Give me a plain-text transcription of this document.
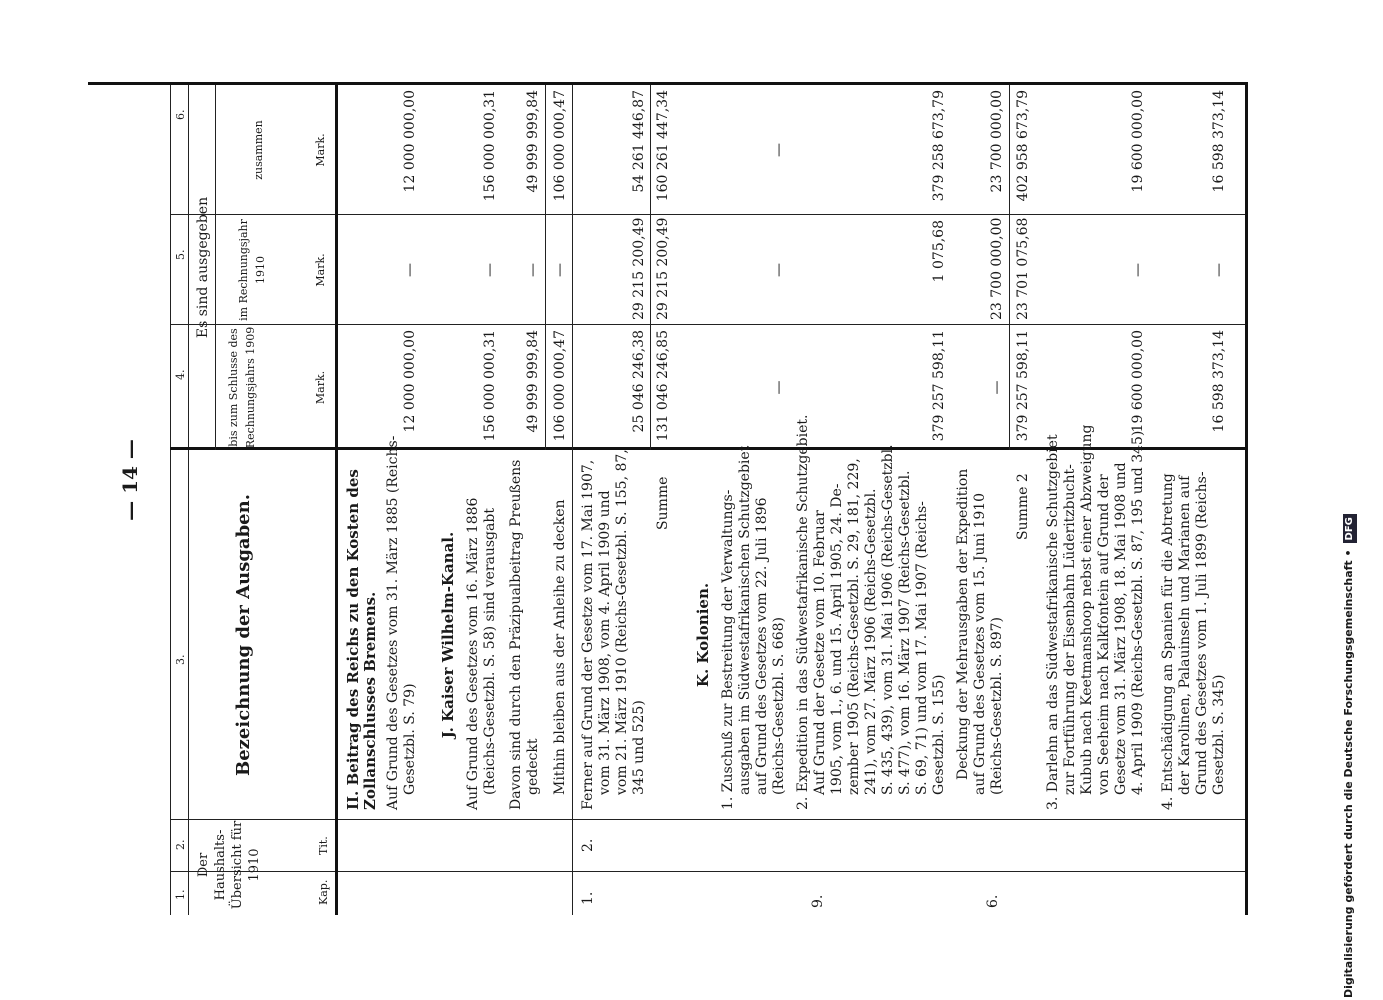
— 14 —
1.
2.
3.
4.
5.
6.
Der Haushalts-Übersicht für 1910
Kap.
Tit.
Bezeichnung der Ausgaben.
Es sind ausgegeben
bis zum Schlusse des Rechnungsjahrs 1909
im Rechnungsjahr 1910
zusammen
Mark.
Mark.
Mark.
II. Beitrag des Reichs zu den Kosten des Zollanschlusses Bremens. Auf Grund des Gesetzes vom 31. März 1885 (Reichs- Gesetzbl. S. 79)
12 000 000,00
—
12 000 000,00
J. Kaiser Wilhelm-Kanal. Auf Grund des Gesetzes vom 16. März 1886 (Reichs-Gesetzbl. S. 58) sind verausgabt
156 000 000,31
—
156 000 000,31
Davon sind durch den Präzipualbeitrag Preußens gedeckt
49 999 999,84
—
49 999 999,84
Mithin bleiben aus der Anleihe zu decken
106 000 000,47
—
106 000 000,47
1.
2.
Ferner auf Grund der Gesetze vom 17. Mai 1907, vom 31. März 1908, vom 4. April 1909 und vom 21. März 1910 (Reichs-Gesetzbl. S. 155, 87, 345 und 525)
25 046 246,38
29 215 200,49
54 261 446,87
Summe
131 046 246,85
29 215 200,49
160 261 447,34
K. Kolonien. 1. Zuschuß zur Bestreitung der Verwaltungs- ausgaben im Südwestafrikanischen Schutzgebiet auf Grund des Gesetzes vom 22. Juli 1896 (Reichs-Gesetzbl. S. 668)
—
—
—
9.
2. Expedition in das Südwestafrikanische Schutzgebiet. Auf Grund der Gesetze vom 10. Februar 1905, vom 1., 6. und 15. April 1905, 24. De- zember 1905 (Reichs-Gesetzbl. S. 29, 181, 229, 241), vom 27. März 1906 (Reichs-Gesetzbl. S. 435, 439), vom 31. Mai 1906 (Reichs-Gesetzbl. S. 477), vom 16. März 1907 (Reichs-Gesetzbl. S. 69, 71) und vom 17. Mai 1907 (Reichs- Gesetzbl. S. 155)
379 257 598,11
1 075,68
379 258 673,79
6.
Deckung der Mehrausgaben der Expedition auf Grund des Gesetzes vom 15. Juni 1910 (Reichs-Gesetzbl. S. 897)
—
23 700 000,00
23 700 000,00
Summe 2
379 257 598,11
23 701 075,68
402 958 673,79
3. Darlehn an das Südwestafrikanische Schutzgebiet zur Fortführung der Eisenbahn Lüderitzbucht- Kubub nach Keetmanshoop nebst einer Abzweigung von Seeheim nach Kalkfontein auf Grund der Gesetze vom 31. März 1908, 18. Mai 1908 und 4. April 1909 (Reichs-Gesetzbl. S. 87, 195 und 345)
19 600 000,00
—
19 600 000,00
4. Entschädigung an Spanien für die Abtretung der Karolinen, Palauinseln und Marianen auf Grund des Gesetzes vom 1. Juli 1899 (Reichs- Gesetzbl. S. 345)
16 598 373,14
—
16 598 373,14
Digitalisierung gefördert durch die Deutsche Forschungsgemeinschaft •DFG
